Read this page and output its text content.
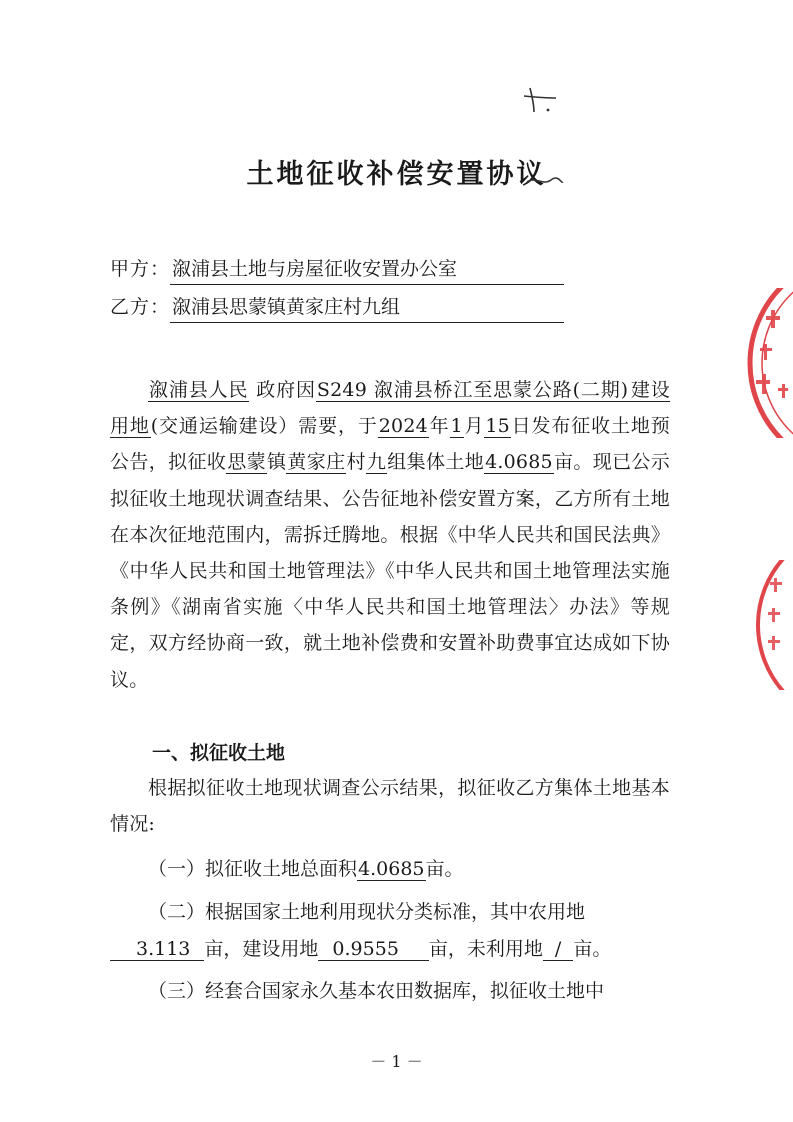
土地征收补偿安置协议
甲方： 溆浦县土地与房屋征收安置办公室
乙方： 溆浦县思蒙镇黄家庄村九组
溆浦县人民 政府因S249 溆浦县桥江至思蒙公路(二期) 建设用地(交通运输建设）需要，于2024年1月15日发布征收土地预公告，拟征收思蒙镇黄家庄村九组集体土地4.0685亩。现已公示拟征收土地现状调查结果、公告征地补偿安置方案，乙方所有土地在本次征地范围内，需拆迁腾地。根据《中华人民共和国民法典》《中华人民共和国土地管理法》《中华人民共和国土地管理法实施条例》《湖南省实施〈中华人民共和国土地管理法〉办法》等规定，双方经协商一致，就土地补偿费和安置补助费事宜达成如下协议。
一、拟征收土地
根据拟征收土地现状调查公示结果，拟征收乙方集体土地基本情况:
（一）拟征收土地总面积4.0685亩。
（二）根据国家土地利用现状分类标准，其中农用地
3.113 亩，建设用地 0.9555 亩，未利用地 / 亩。
（三）经套合国家永久基本农田数据库，拟征收土地中
－ 1 －
